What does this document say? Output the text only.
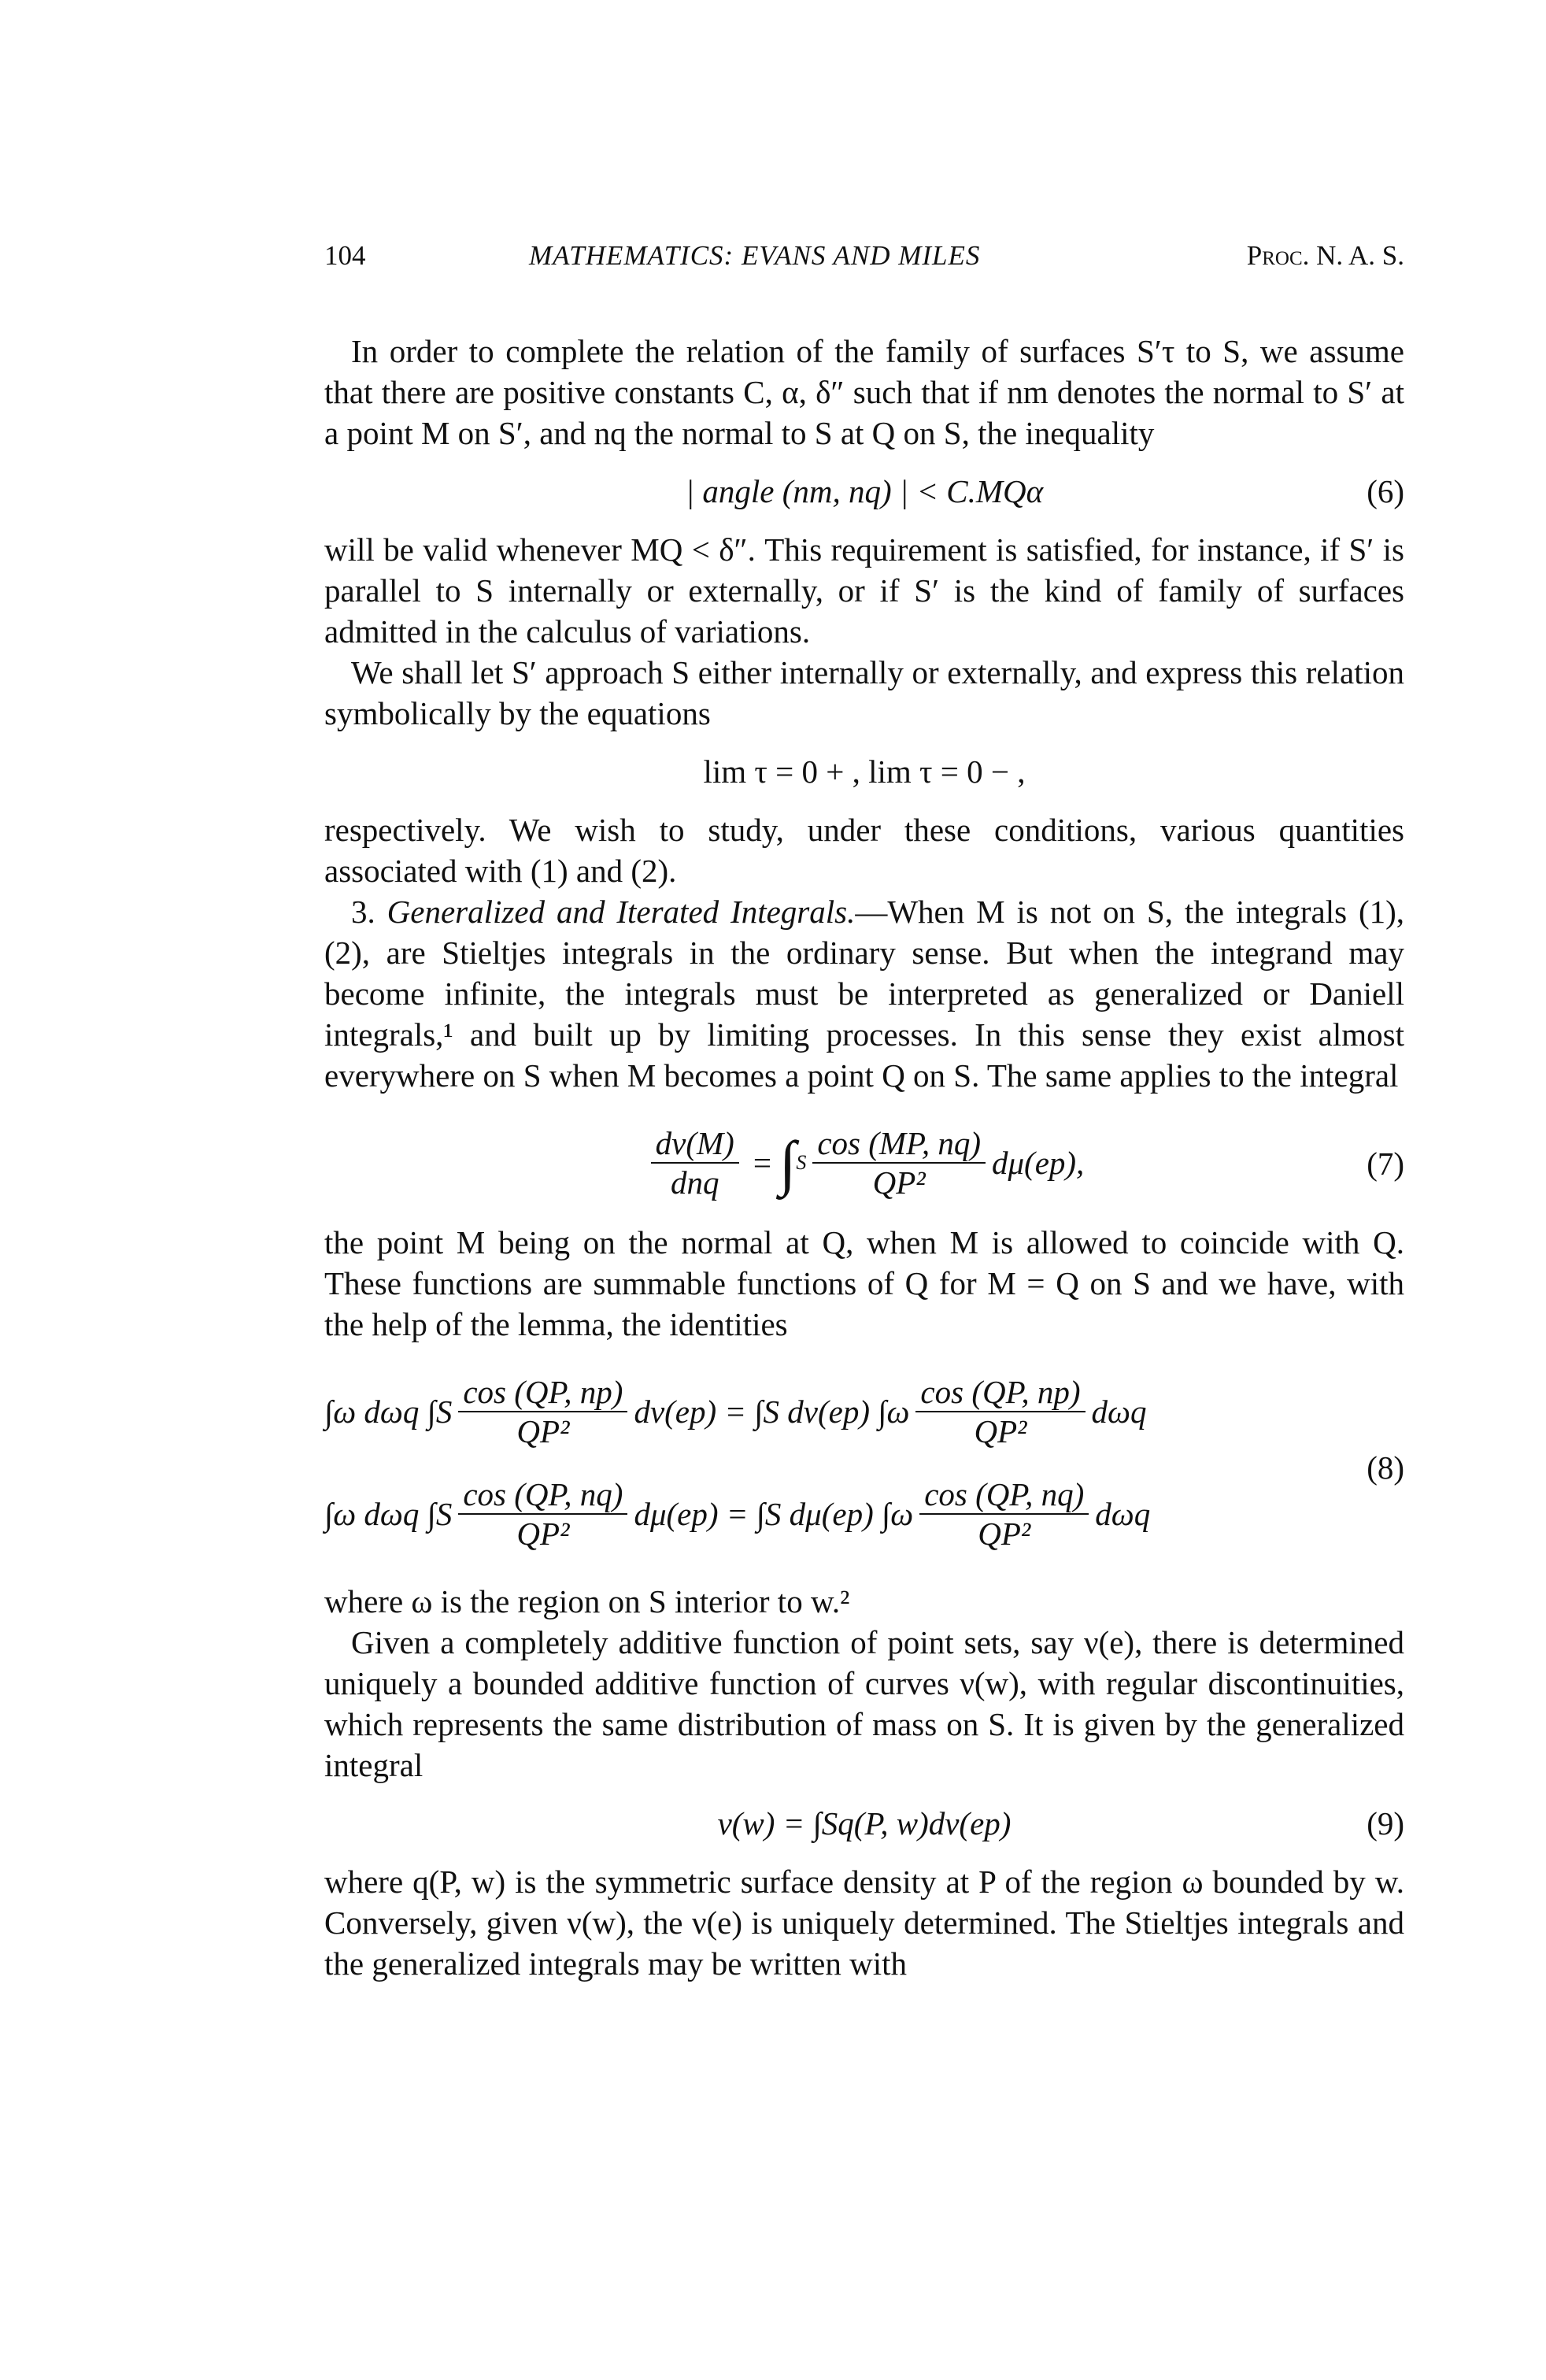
104	MATHEMATICS: EVANS AND MILES	Proc. N. A. S.

In order to complete the relation of the family of surfaces S′τ to S, we assume that there are positive constants C, α, δ″ such that if nm denotes the normal to S′ at a point M on S′, and nq the normal to S at Q on S, the inequality

| angle (nm, nq) | < C.MQα	(6)

will be valid whenever MQ < δ″. This requirement is satisfied, for instance, if S′ is parallel to S internally or externally, or if S′ is the kind of family of surfaces admitted in the calculus of variations.

We shall let S′ approach S either internally or externally, and express this relation symbolically by the equations

lim τ = 0 + , lim τ = 0 − ,

respectively. We wish to study, under these conditions, various quantities associated with (1) and (2).

3. Generalized and Iterated Integrals.—When M is not on S, the integrals (1), (2), are Stieltjes integrals in the ordinary sense. But when the integrand may become infinite, the integrals must be interpreted as generalized or Daniell integrals,¹ and built up by limiting processes. In this sense they exist almost everywhere on S when M becomes a point Q on S. The same applies to the integral

$\frac{dv(M)}{\text{dnq}}$ = ∫ S $\frac{\cos (MP, nq)}{\text{QP²}} d\mu(ep)$,	(7)

the point M being on the normal at Q, when M is allowed to coincide with Q. These functions are summable functions of Q for M = Q on S and we have, with the help of the lemma, the identities

∫ω dωq $\int S \frac{\cos (QP, np)}{\text{QP²}} d\nu(ep) = \int S$ dν(ep) $\int\omega \frac{\cos (QP, np)}{\text{QP²}}$ dωq
∫ω dωq $\int S \frac{\cos (QP, nq)}{\text{QP²}} d\mu(ep) = \int S$ dμ(ep) $\int\omega \frac{\cos (QP, nq)}{\text{QP²}}$ dωq
(8)

where ω is the region on S interior to w.²

Given a completely additive function of point sets, say ν(e), there is determined uniquely a bounded additive function of curves ν(w), with regular discontinuities, which represents the same distribution of mass on S. It is given by the generalized integral

ν(w) = ∫Sq(P, w)dν(ep)	(9)

where q(P, w) is the symmetric surface density at P of the region ω bounded by w. Conversely, given ν(w), the ν(e) is uniquely determined. The Stieltjes integrals and the generalized integrals may be written with
